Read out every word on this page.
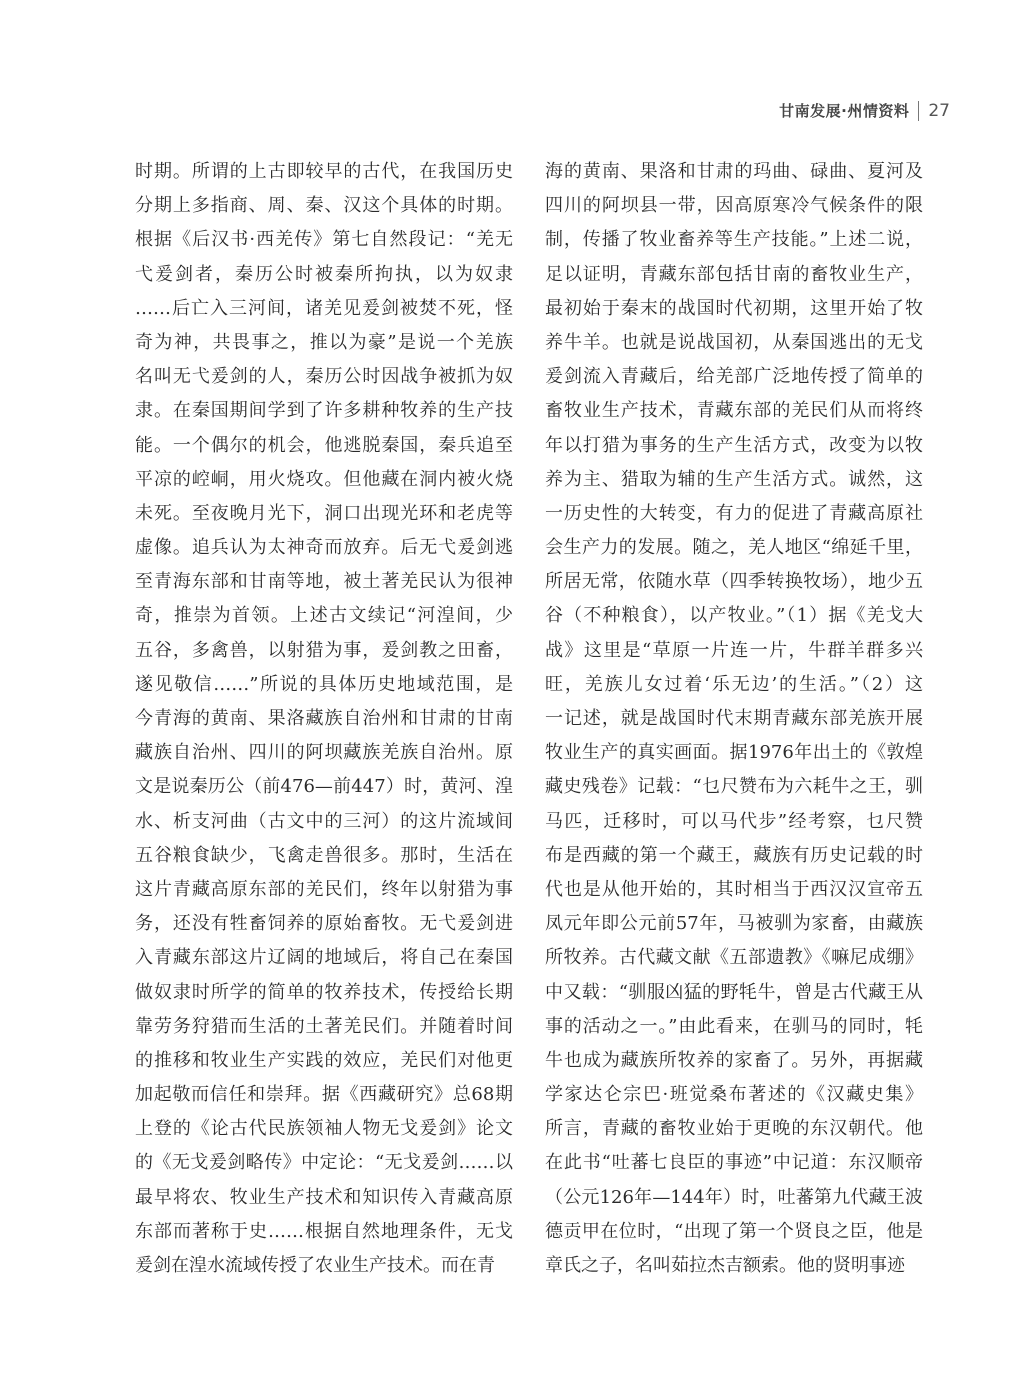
甘南发展·州情资料 27
时期。所谓的上古即较早的古代，在我国历史
分期上多指商、周、秦、汉这个具体的时期。
根据《后汉书·西羌传》第七自然段记：“羌无
弋爰剑者，秦历公时被秦所拘执，以为奴隶
……后亡入三河间，诸羌见爰剑被焚不死，怪
奇为神，共畏事之，推以为豪”是说一个羌族
名叫无弋爰剑的人，秦历公时因战争被抓为奴
隶。在秦国期间学到了许多耕种牧养的生产技
能。一个偶尔的机会，他逃脱秦国，秦兵追至
平凉的崆峒，用火烧攻。但他藏在洞内被火烧
未死。至夜晚月光下，洞口出现光环和老虎等
虚像。追兵认为太神奇而放弃。后无弋爰剑逃
至青海东部和甘南等地，被土著羌民认为很神
奇，推崇为首领。上述古文续记“河湟间，少
五谷，多禽兽，以射猎为事，爰剑教之田畜，
遂见敬信……”所说的具体历史地域范围，是
今青海的黄南、果洛藏族自治州和甘肃的甘南
藏族自治州、四川的阿坝藏族羌族自治州。原
文是说秦历公（前476—前447）时，黄河、湟
水、析支河曲（古文中的三河）的这片流域间
五谷粮食缺少，飞禽走兽很多。那时，生活在
这片青藏高原东部的羌民们，终年以射猎为事
务，还没有牲畜饲养的原始畜牧。无弋爰剑进
入青藏东部这片辽阔的地域后，将自己在秦国
做奴隶时所学的简单的牧养技术，传授给长期
靠劳务狩猎而生活的土著羌民们。并随着时间
的推移和牧业生产实践的效应，羌民们对他更
加起敬而信任和崇拜。据《西藏研究》总68期
上登的《论古代民族领袖人物无戈爰剑》论文
的《无戈爰剑略传》中定论：“无戈爰剑……以
最早将农、牧业生产技术和知识传入青藏高原
东部而著称于史……根据自然地理条件，无戈
爰剑在湟水流域传授了农业生产技术。而在青
海的黄南、果洛和甘肃的玛曲、碌曲、夏河及
四川的阿坝县一带，因高原寒冷气候条件的限
制，传播了牧业畜养等生产技能。”上述二说，
足以证明，青藏东部包括甘南的畜牧业生产，
最初始于秦末的战国时代初期，这里开始了牧
养牛羊。也就是说战国初，从秦国逃出的无戈
爰剑流入青藏后，给羌部广泛地传授了简单的
畜牧业生产技术，青藏东部的羌民们从而将终
年以打猎为事务的生产生活方式，改变为以牧
养为主、猎取为辅的生产生活方式。诚然，这
一历史性的大转变，有力的促进了青藏高原社
会生产力的发展。随之，羌人地区“绵延千里，
所居无常，依随水草（四季转换牧场），地少五
谷（不种粮食），以产牧业。”（1）据《羌戈大
战》这里是“草原一片连一片，牛群羊群多兴
旺，羌族儿女过着‘乐无边’的生活。”（2）这
一记述，就是战国时代末期青藏东部羌族开展
牧业生产的真实画面。据1976年出土的《敦煌
藏史残卷》记载：“乜尺赞布为六耗牛之王，驯
马匹，迁移时，可以马代步”经考察，乜尺赞
布是西藏的第一个藏王，藏族有历史记载的时
代也是从他开始的，其时相当于西汉汉宣帝五
凤元年即公元前57年，马被驯为家畜，由藏族
所牧养。古代藏文献《五部遗教》《嘛尼成绷》
中又载：“驯服凶猛的野牦牛，曾是古代藏王从
事的活动之一。”由此看来，在驯马的同时，牦
牛也成为藏族所牧养的家畜了。另外，再据藏
学家达仑宗巴·班觉桑布著述的《汉藏史集》
所言，青藏的畜牧业始于更晚的东汉朝代。他
在此书“吐蕃七良臣的事迹”中记道：东汉顺帝
（公元126年—144年）时，吐蕃第九代藏王波
德贡甲在位时，“出现了第一个贤良之臣，他是
章氏之子，名叫茹拉杰吉额索。他的贤明事迹
